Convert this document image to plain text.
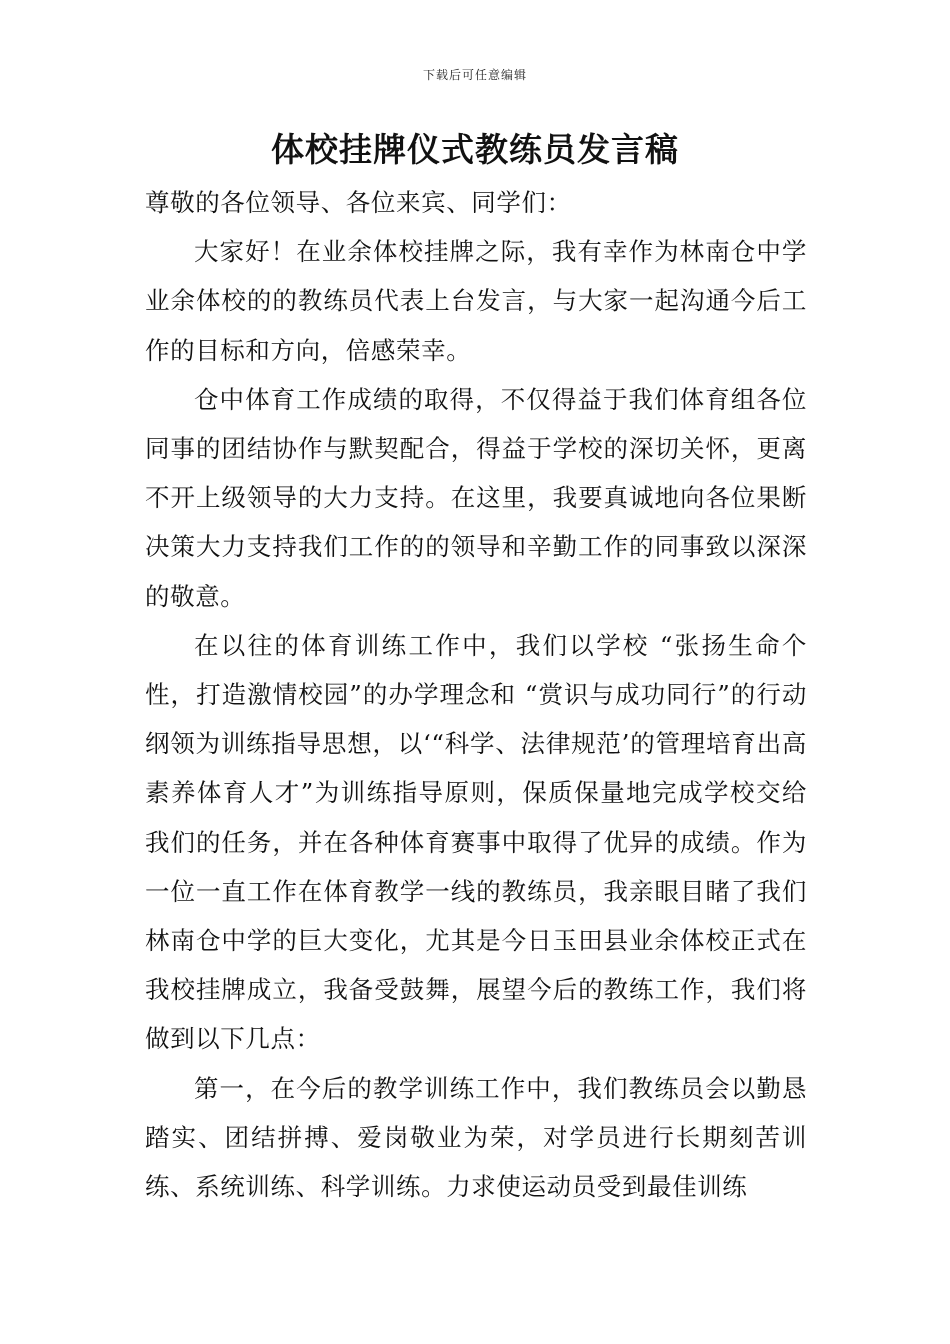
下载后可任意编辑
体校挂牌仪式教练员发言稿

尊敬的各位领导、各位来宾、同学们：

大家好！在业余体校挂牌之际，我有幸作为林南仓中学业余体校的的教练员代表上台发言，与大家一起沟通今后工作的目标和方向，倍感荣幸。

仓中体育工作成绩的取得，不仅得益于我们体育组各位同事的团结协作与默契配合，得益于学校的深切关怀，更离不开上级领导的大力支持。在这里，我要真诚地向各位果断决策大力支持我们工作的的领导和辛勤工作的同事致以深深的敬意。

在以往的体育训练工作中，我们以学校 “张扬生命个性，打造激情校园”的办学理念和 “赏识与成功同行”的行动纲领为训练指导思想，以‘“科学、法律规范’的管理培育出高素养体育人才”为训练指导原则，保质保量地完成学校交给我们的任务，并在各种体育赛事中取得了优异的成绩。作为一位一直工作在体育教学一线的教练员，我亲眼目睹了我们林南仓中学的巨大变化，尤其是今日玉田县业余体校正式在我校挂牌成立，我备受鼓舞，展望今后的教练工作，我们将做到以下几点：

第一，在今后的教学训练工作中，我们教练员会以勤恳踏实、团结拼搏、爱岗敬业为荣，对学员进行长期刻苦训练、系统训练、科学训练。力求使运动员受到最佳训练
